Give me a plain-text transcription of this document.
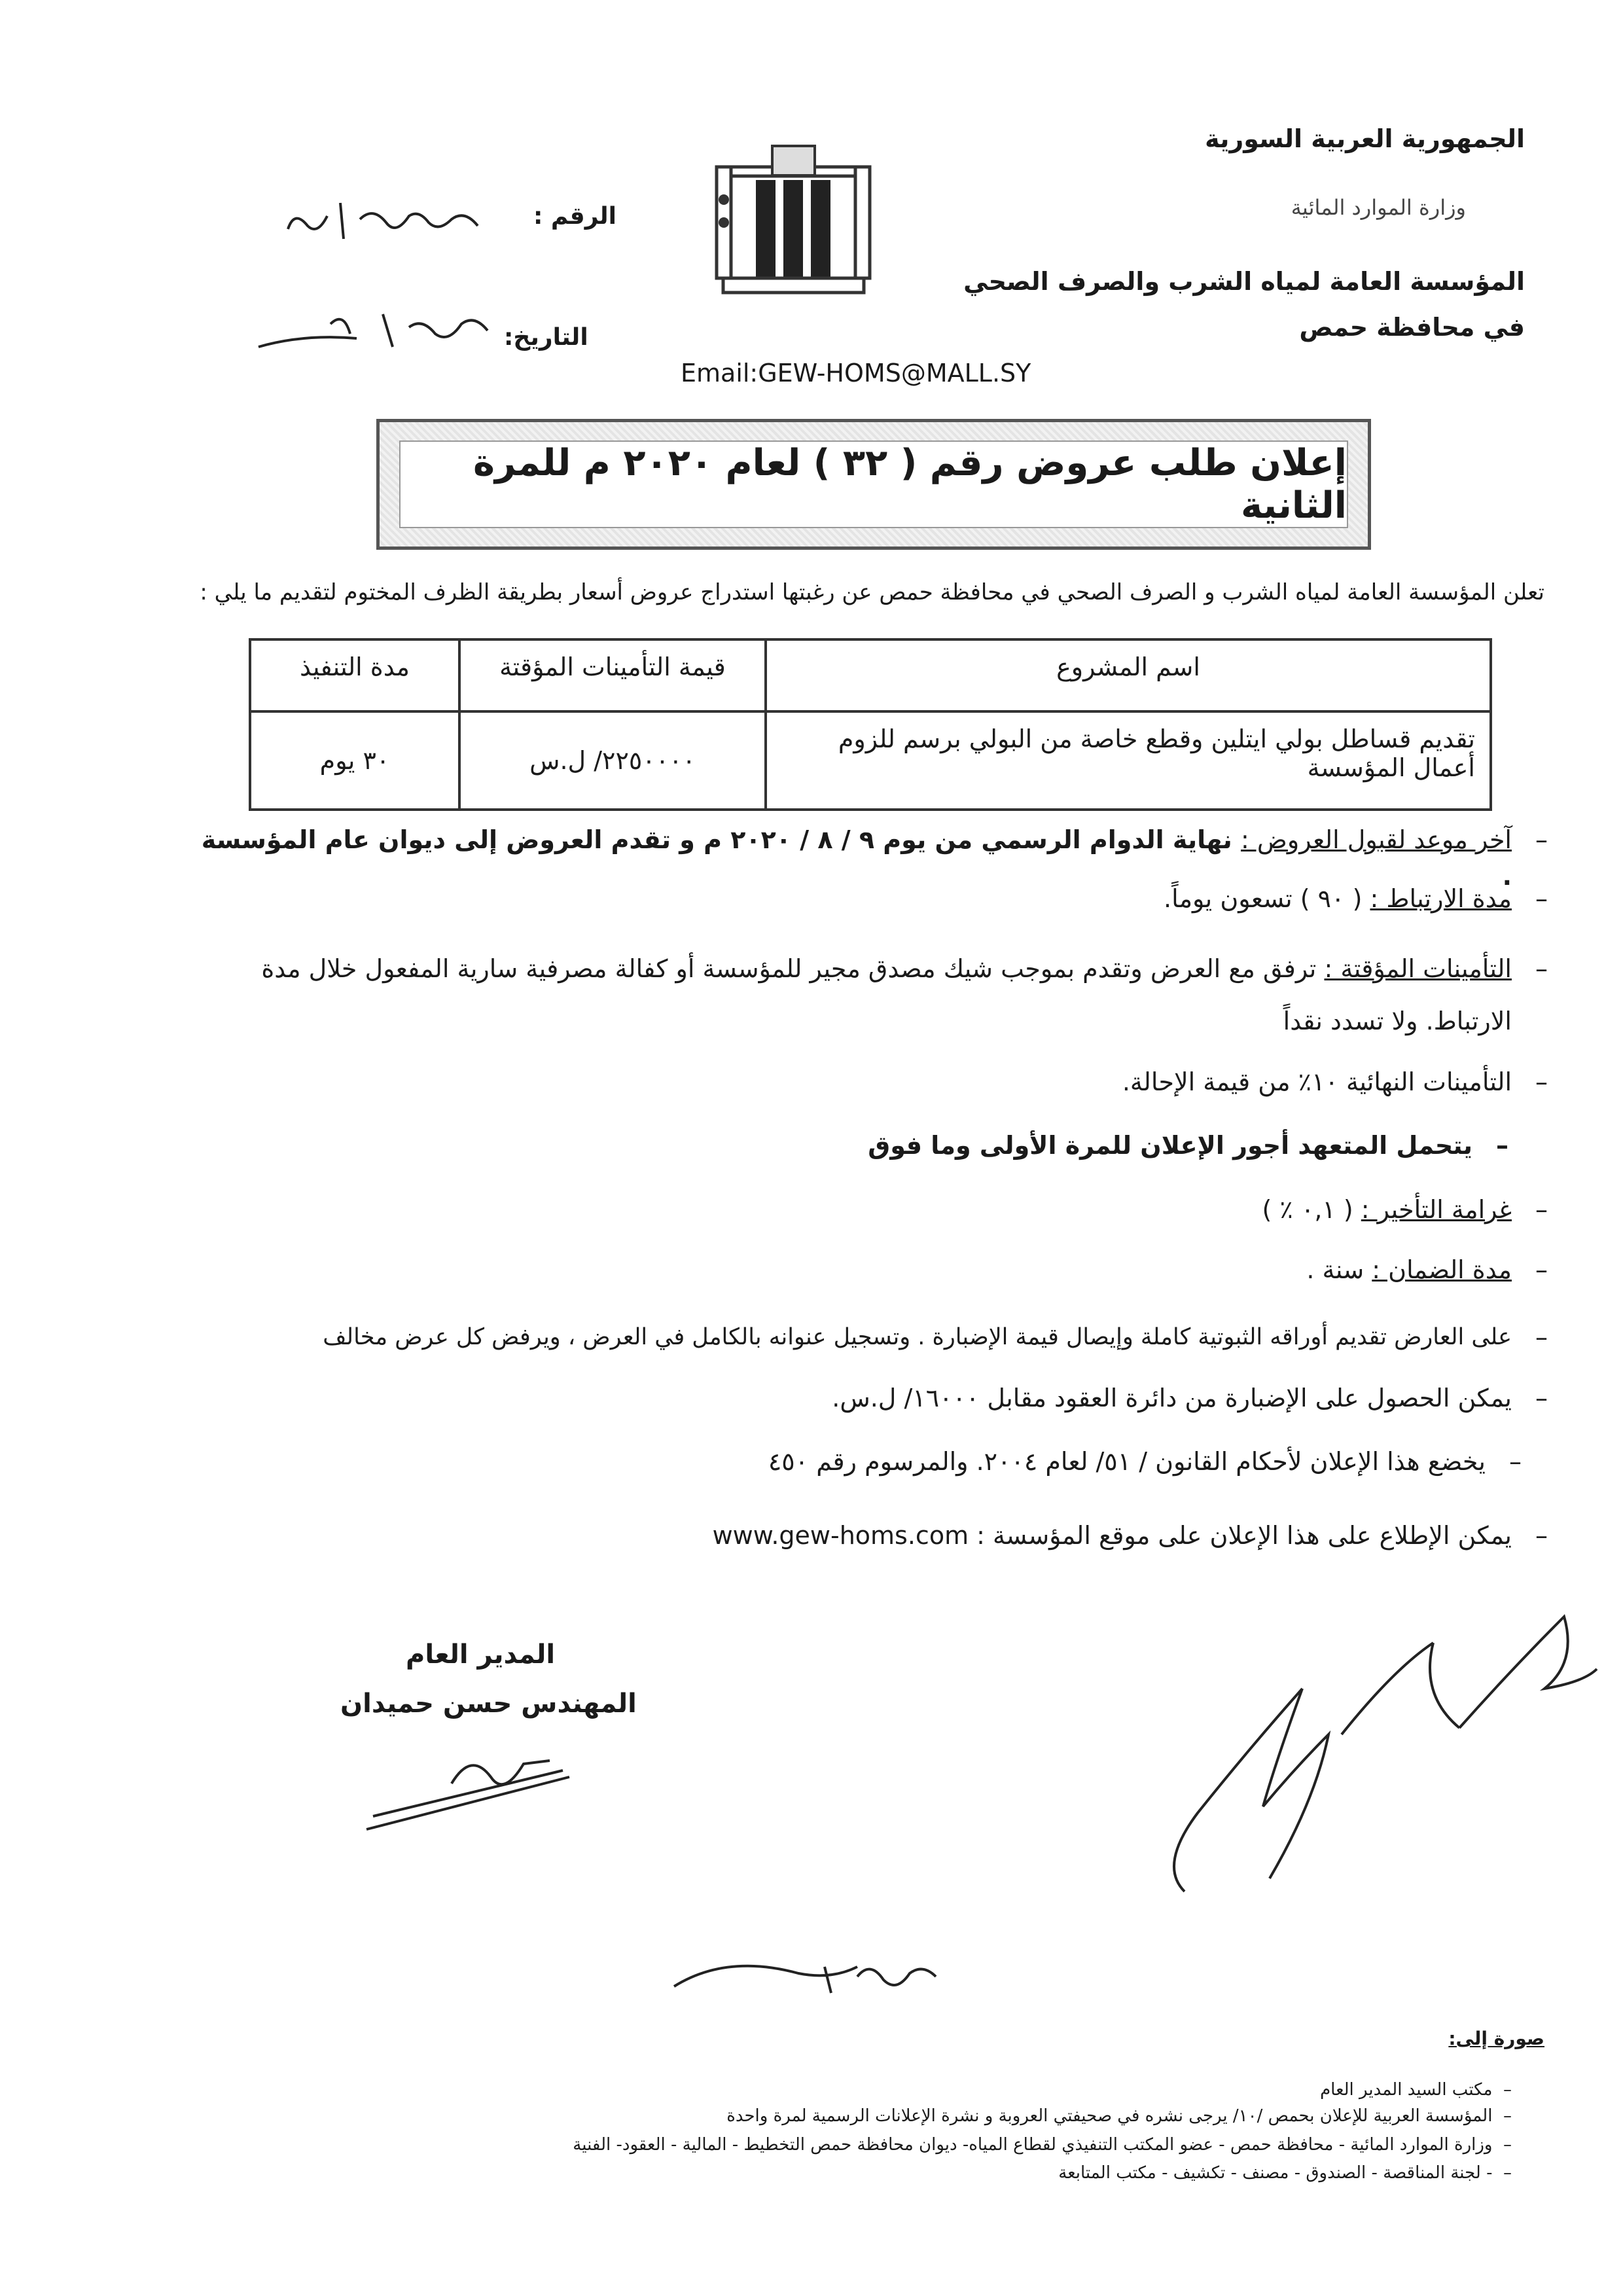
الجمهورية العربية السورية
وزارة الموارد المائية
المؤسسة العامة لمياه الشرب والصرف الصحي
في محافظة حمص
الرقم :
التاريخ:
Email:GEW-HOMS@MALL.SY
إعلان طلب عروض رقم ( ٣٢ ) لعام ٢٠٢٠ م للمرة الثانية
تعلن المؤسسة العامة لمياه الشرب و الصرف الصحي في محافظة حمص عن رغبتها استدراج عروض أسعار بطريقة الظرف المختوم لتقديم ما يلي :
اسم المشروع	قيمة التأمينات المؤقتة	مدة التنفيذ
تقديم قساطل بولي ايتلين وقطع خاصة من البولي برسم للزوم أعمال المؤسسة	٢٢٥٠٠٠٠/ ل.س	٣٠ يوم
–
آخر موعد لقبول العروض : نهاية الدوام الرسمي من يوم ٩ / ٨ / ٢٠٢٠ م و تقدم العروض إلى ديوان عام المؤسسة .
–
مدة الارتباط : ( ٩٠ ) تسعون يوماً.
–
التأمينات المؤقتة : ترفق مع العرض وتقدم بموجب شيك مصدق مجير للمؤسسة أو كفالة مصرفية سارية المفعول خلال مدة الارتباط. ولا تسدد نقداً
–
التأمينات النهائية ١٠٪ من قيمة الإحالة.
–
يتحمل المتعهد أجور الإعلان للمرة الأولى وما فوق
–
غرامة التأخير : ( ٠,١ ٪ )
–
مدة الضمان : سنة .
–
على العارض تقديم أوراقه الثبوتية كاملة وإيصال قيمة الإضبارة . وتسجيل عنوانه بالكامل في العرض ، ويرفض كل عرض مخالف
–
يمكن الحصول على الإضبارة من دائرة العقود مقابل ١٦٠٠٠/ ل.س.
–
يخضع هذا الإعلان لأحكام القانون / ٥١/ لعام ٢٠٠٤. والمرسوم رقم ٤٥٠
–
يمكن الإطلاع على هذا الإعلان على موقع المؤسسة : www.gew-homs.com
المدير العام
المهندس حسن حميدان
صورة إلى:
–  مكتب السيد المدير العام
–  المؤسسة العربية للإعلان بحمص /١٠/ يرجى نشره في صحيفتي العروبة و نشرة الإعلانات الرسمية لمرة واحدة
–  وزارة الموارد المائية - محافظة حمص - عضو المكتب التنفيذي لقطاع المياه- ديوان محافظة حمص التخطيط - المالية - العقود- الفنية
–  - لجنة المناقصة - الصندوق - مصنف - تكشيف - مكتب المتابعة
